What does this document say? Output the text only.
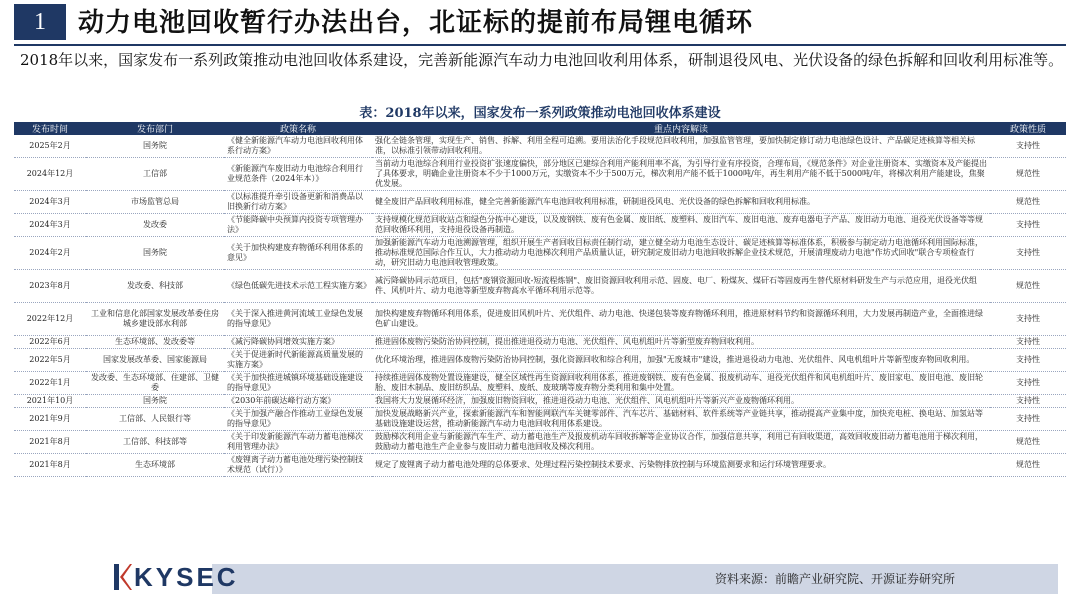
1	动力电池回收暂行办法出台，北证标的提前布局锂电循环
2018年以来，国家发布一系列政策推动电池回收体系建设，完善新能源汽车动力电池回收利用体系，研制退役风电、光伏设备的绿色拆解和回收利用标准等。
表：2018年以来，国家发布一系列政策推动电池回收体系建设
发布时间	发布部门	政策名称	重点内容解读	政策性质
2025年2月	国务院	《健全新能源汽车动力电池回收利用体系行动方案》	强化全链条管理，实现生产、销售、拆解、利用全程可追溯。要用法治化手段规范回收利用，加强监管管理，要加快制定修订动力电池绿色设计、产品碳足迹核算等相关标准，以标准引领带动回收利用。	支持性
2024年12月	工信部	《新能源汽车废旧动力电池综合利用行业规范条件（2024年本）》	当前动力电池综合利用行业投资扩张速度偏快，部分地区已建综合利用产能利用率不高，为引导行业有序投资，合理布局，《规范条件》对企业注册资本、实缴资本及产能提出了具体要求，明确企业注册资本不少于1000万元，实缴资本不少于500万元，梯次利用产能不低于1000吨/年，再生利用产能不低于5000吨/年，将梯次利用产能建设，焦聚优发展。	规范性
2024年3月	市场监管总局	《以标准提升牵引设备更新和消费品以旧换新行动方案》	健全废旧产品回收利用标准，健全完善新能源汽车电池回收利用标准，研制退役风电、光伏设备的绿色拆解和回收利用标准。	规范性
2024年3月	发改委	《节能降碳中央预算内投资专项管理办法》	支持规模化规范回收站点和绿色分拣中心建设，以及废钢铁、废有色金属、废旧纸、废塑料、废旧汽车、废旧电池、废弃电器电子产品、废旧动力电池、退役光伏设备等等规范回收循环利用，支持退役设备再制造。	支持性
2024年2月	国务院	《关于加快构建废弃物循环利用体系的意见》	加强新能源汽车动力电池溯源管理，组织开展生产者回收目标责任制行动，建立健全动力电池生态设计、碳足迹核算等标准体系，积极参与制定动力电池循环利用国际标准，推动标准规范国际合作互认，大力推动动力电池梯次利用产品质量认证，研究制定废旧动力电池回收拆解企业技术规范，开展清理废动力电池"作坊式回收"联合专项检查行动，研究旧动力电池回收管理政策。	支持性
2023年8月	发改委、科技部	《绿色低碳先进技术示范工程实施方案》	减污降碳协同示范项目，包括"废钢资源回收-短流程炼钢"、废旧资源回收利用示范、固废、电厂、粉煤灰、煤矸石等固废再生替代原材料研发生产与示范应用，退役光伏组件、风机叶片、动力电池等新型废弃物高水平循环利用示范等。	规范性
2022年12月	工业和信息化部国家发展改革委住房城乡建设部水利部	《关于深入推进黄河流域工业绿色发展的指导意见》	加快构建废弃物循环利用体系，促进废旧风机叶片、光伏组件、动力电池、快递包装等废弃物循环利用，推进原材料节约和资源循环利用，大力发展再制造产业，全面推进绿色矿山建设。	支持性
2022年6月	生态环境部、发改委等	《减污降碳协同增效实施方案》	推进固体废物污染防治协同控制，提出推进退役动力电池、光伏组件、风电机组叶片等新型废弃物回收利用。	支持性
2022年5月	国家发展改革委、国家能源局	《关于促进新时代新能源高质量发展的实施方案》	优化环境治理，推进固体废物污染防治协同控制，强化资源回收和综合利用，加强"无废城市"建设，推进退役动力电池、光伏组件、风电机组叶片等新型废弃物回收利用。	支持性
2022年1月	发改委、生态环境部、住建部、卫健委	《关于加快推进城镇环境基础设施建设的指导意见》	持续推进固体废物处置设施建设，健全区域性再生资源回收利用体系，推进废钢铁、废有色金属、报废机动车、退役光伏组件和风电机组叶片、废旧家电、废旧电池、废旧轮胎、废旧木制品、废旧纺织品、废塑料、废纸、废玻璃等废弃物分类利用和集中处置。	支持性
2021年10月	国务院	《2030年前碳达峰行动方案》	我国将大力发展循环经济，加强废旧物资回收，推进退役动力电池、光伏组件、风电机组叶片等新兴产业废物循环利用。	支持性
2021年9月	工信部、人民银行等	《关于加强产融合作推动工业绿色发展的指导意见》	加快发展战略新兴产业，探索新能源汽车和智能网联汽车关键零部件、汽车芯片、基础材料、软件系统等产业链共享，推动提高产业集中度，加快充电桩、换电站、加氢站等基础设施建设运营，推动新能源汽车动力电池回收利用体系建设。	支持性
2021年8月	工信部、科技部等	《关于印发新能源汽车动力蓄电池梯次利用管理办法》	鼓励梯次利用企业与新能源汽车生产、动力蓄电池生产及报废机动车回收拆解等企业协议合作，加强信息共享，利用已有回收渠道，高效回收废旧动力蓄电池用于梯次利用，鼓励动力蓄电池生产企业参与废旧动力蓄电池回收及梯次利用。	规范性
2021年8月	生态环境部	《废锂离子动力蓄电池处理污染控制技术规范（试行）》	规定了废锂离子动力蓄电池处理的总体要求、处理过程污染控制技术要求、污染物排放控制与环境监测要求和运行环境管理要求。	规范性
KYSEC	资料来源：前瞻产业研究院、开源证券研究所
